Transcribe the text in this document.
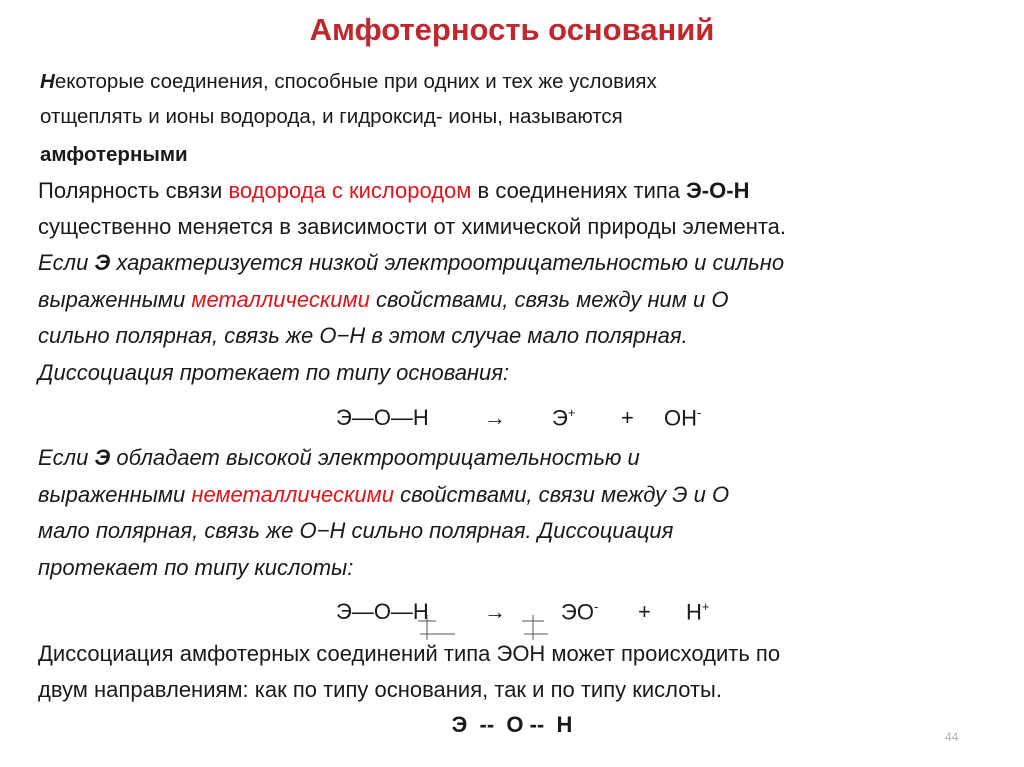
Амфотерность оснований
Некоторые соединения, способные при одних и тех же условиях
отщеплять и ионы водорода, и гидроксид- ионы, называются
амфотерными
Полярность связи водорода с кислородом в соединениях типа Э-О-Н
существенно меняется в зависимости от химической природы элемента.
Если Э характеризуется низкой электроотрицательностью и сильно
выраженными металлическими свойствами, связь между ним и О
сильно полярная, связь же О−Н в этом случае мало полярная.
Диссоциация протекает по типу основания:
Э—О—Н	→ Э+ + ОН-
Если Э обладает высокой электроотрицательностью и
выраженными неметаллическими свойствами, связи между Э и О
мало полярная, связь же О−Н сильно полярная. Диссоциация
протекает по типу кислоты:
Э—О—Н	→	ЭО- + Н+
Диссоциация амфотерных соединений типа ЭОН может происходить по
двум направлениям: как по типу основания, так и по типу кислоты.
Э  --  О --  Н	44
